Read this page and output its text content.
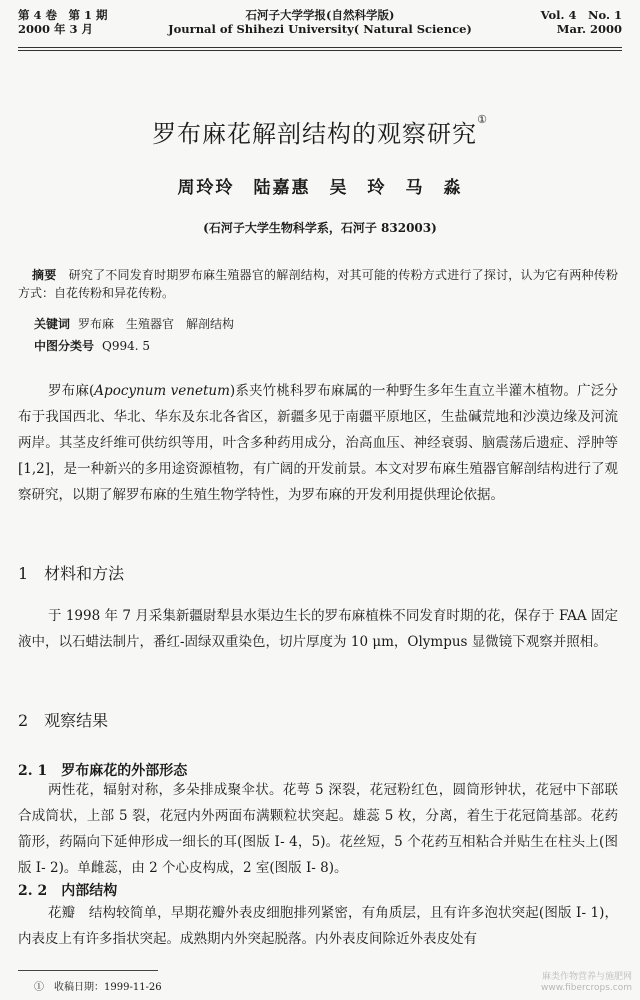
第 4 卷　第 1 期
2000 年 3 月
石河子大学学报(自然科学版)
Journal of Shihezi University( Natural Science)
Vol. 4　No. 1
Mar. 2000
罗布麻花解剖结构的观察研究①
周玲玲　陆嘉惠　吴　玲　马　淼
(石河子大学生物科学系，石河子 832003)
摘要　 研究了不同发育时期罗布麻生殖器官的解剖结构，对其可能的传粉方式进行了探讨，认为它有两种传粉方式：自花传粉和异花传粉。
关键词 罗布麻　生殖器官　解剖结构
中图分类号 Q994. 5
罗布麻(Apocynum venetum)系夹竹桃科罗布麻属的一种野生多年生直立半灌木植物。广泛分布于我国西北、华北、华东及东北各省区，新疆多见于南疆平原地区，生盐碱荒地和沙漠边缘及河流两岸。其茎皮纤维可供纺织等用，叶含多种药用成分，治高血压、神经衰弱、脑震荡后遗症、浮肿等[1,2]，是一种新兴的多用途资源植物，有广阔的开发前景。本文对罗布麻生殖器官解剖结构进行了观察研究，以期了解罗布麻的生殖生物学特性，为罗布麻的开发利用提供理论依据。
1　材料和方法
于 1998 年 7 月采集新疆尉犁县水渠边生长的罗布麻植株不同发育时期的花，保存于 FAA 固定液中，以石蜡法制片，番红-固绿双重染色，切片厚度为 10 μm，Olympus 显微镜下观察并照相。
2　观察结果
2. 1　罗布麻花的外部形态
两性花，辐射对称，多朵排成聚伞状。花萼 5 深裂，花冠粉红色，圆筒形钟状，花冠中下部联合成筒状，上部 5 裂，花冠内外两面布满颗粒状突起。雄蕊 5 枚，分离，着生于花冠筒基部。花药箭形，药隔向下延伸形成一细长的耳(图版 Ⅰ- 4，5)。花丝短，5 个花药互相粘合并贴生在柱头上(图版 Ⅰ- 2)。单雌蕊，由 2 个心皮构成，2 室(图版 Ⅰ- 8)。
2. 2　内部结构
花瓣　结构较简单，早期花瓣外表皮细胞排列紧密，有角质层，且有许多泡状突起(图版 Ⅰ- 1)，内表皮上有许多指状突起。成熟期内外突起脱落。内外表皮间除近外表皮处有
①　收稿日期：1999-11-26
麻类作物营养与施肥网
www.fibercrops.com
